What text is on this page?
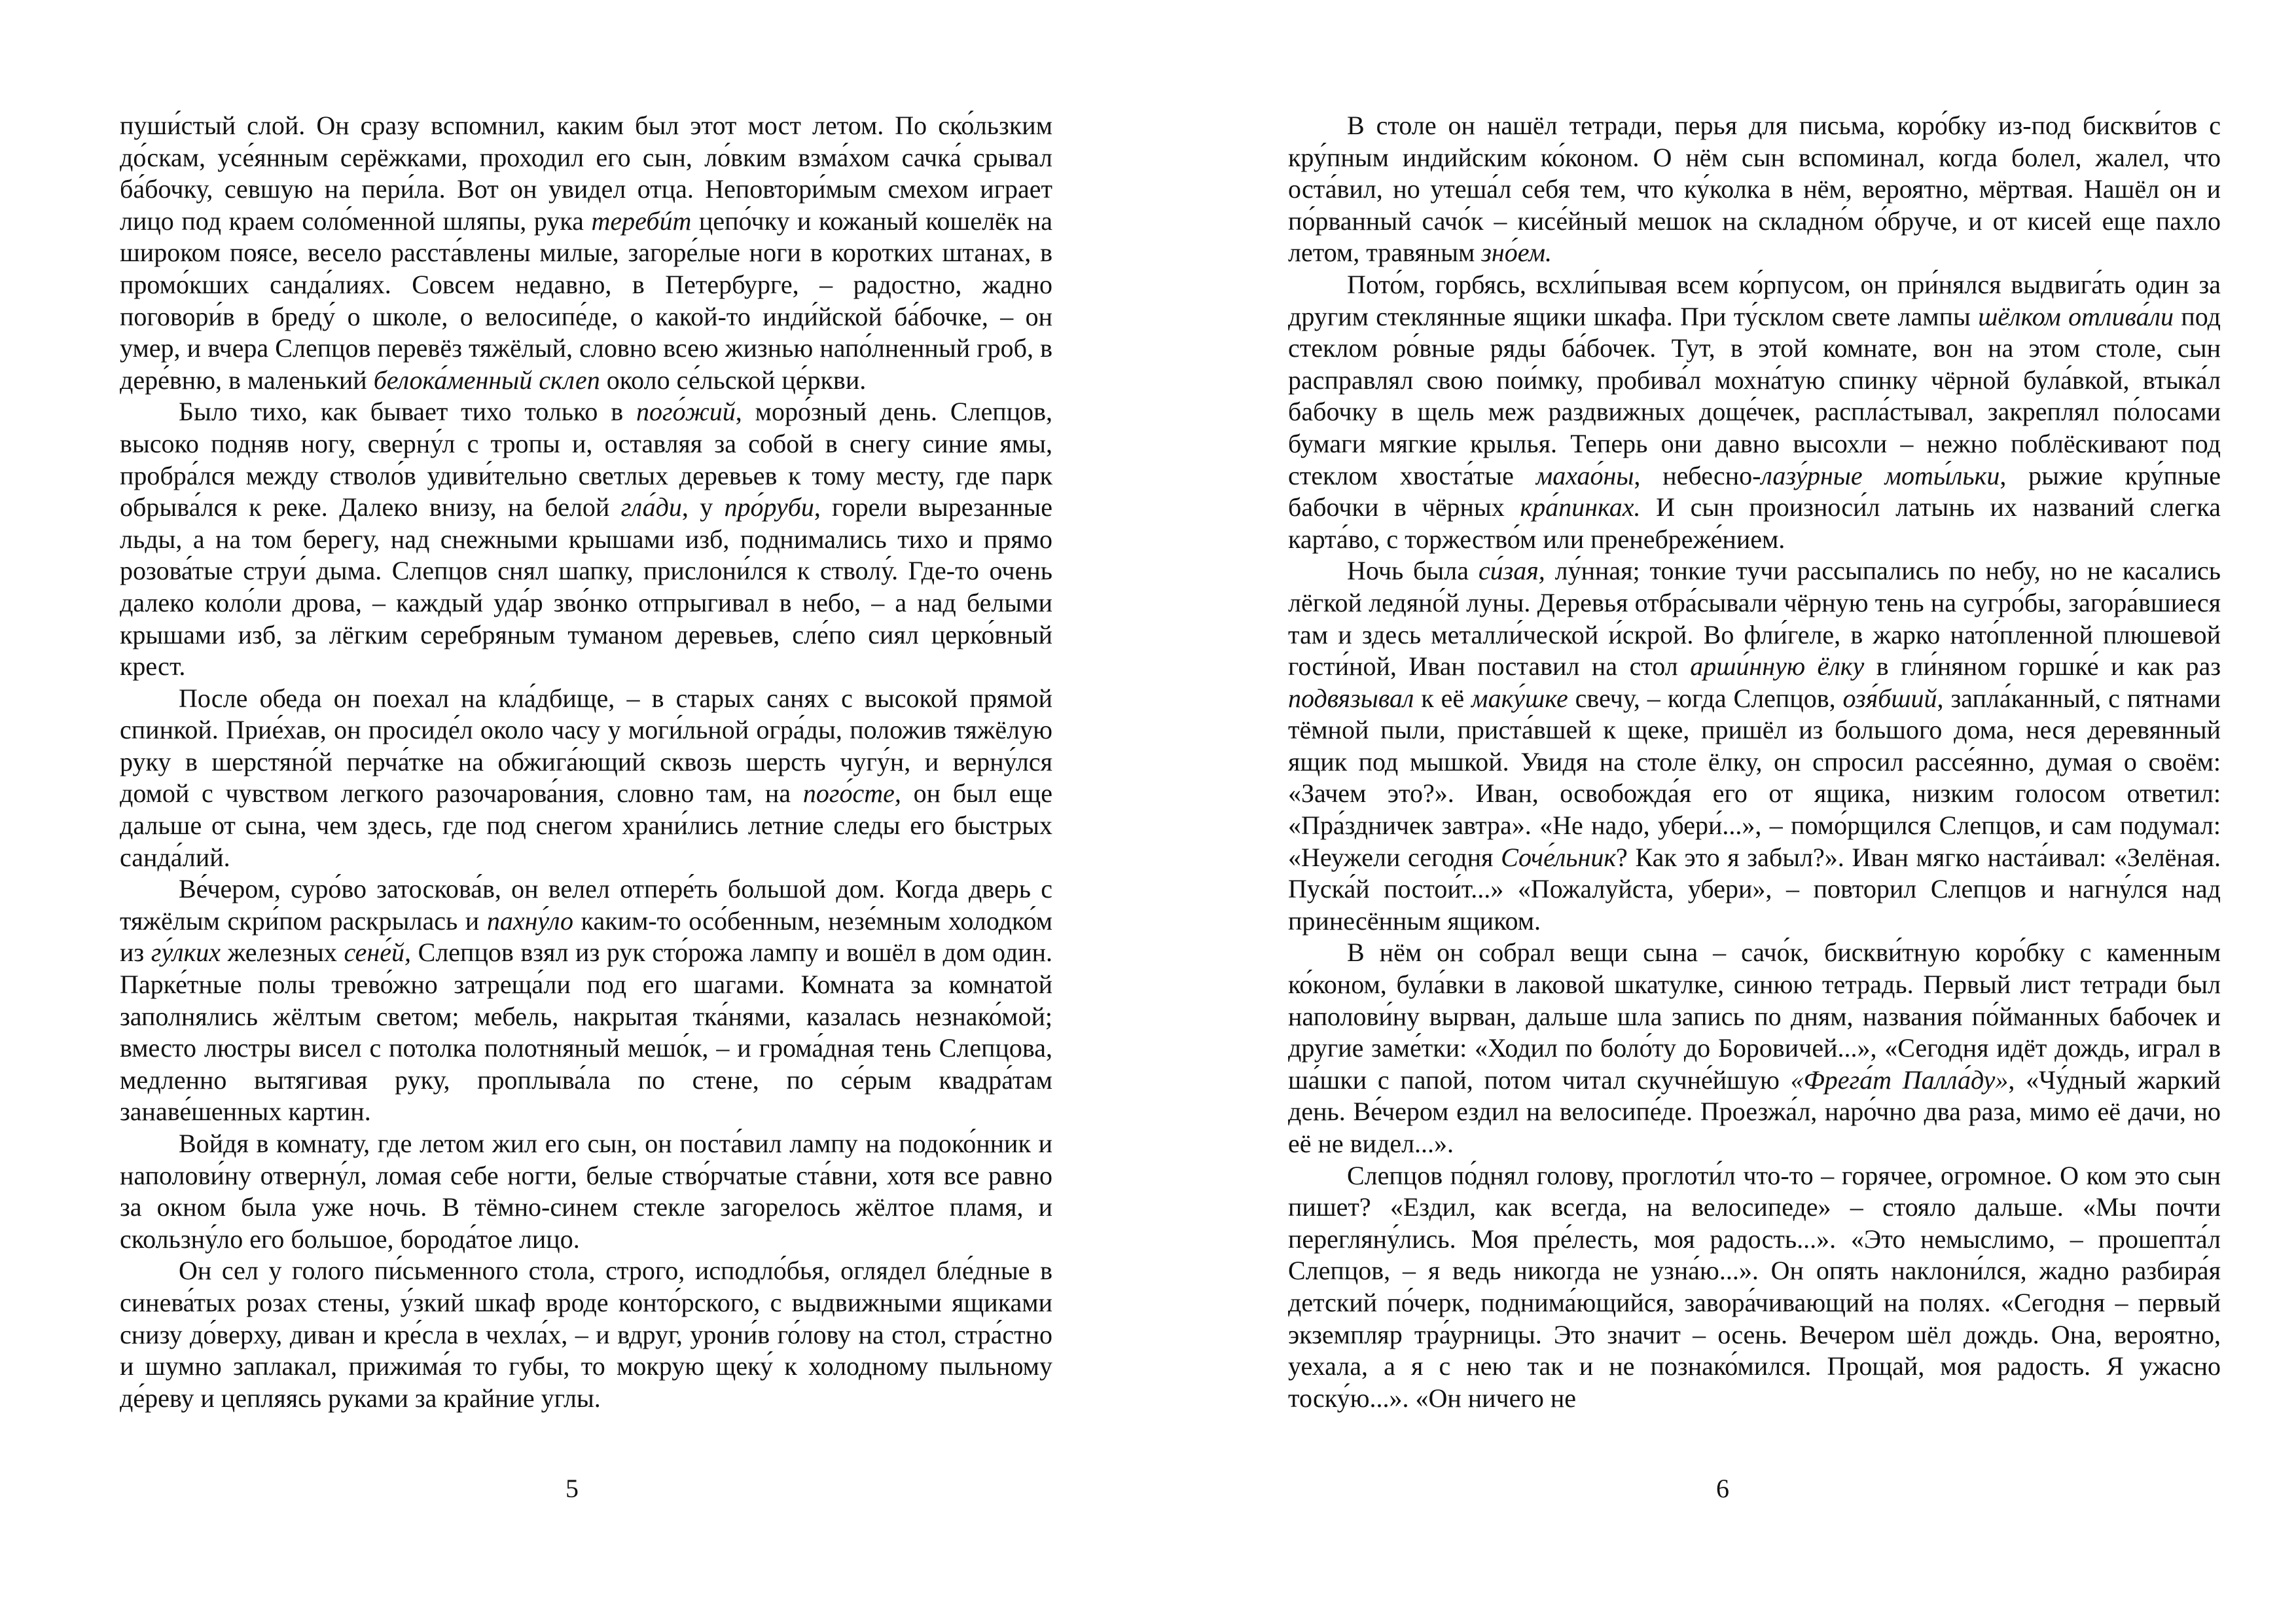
пуши́стый слой. Он сразу вспомнил, каким был этот мост летом. По ско́льзким до́скам, усе́янным серёжками, проходил его сын, ло́вким взма́хом сачка́ срывал ба́бочку, севшую на пери́ла. Вот он увидел отца. Неповтори́мым смехом играет лицо под краем соло́менной шляпы, рука теребúт цепо́чку и кожаный кошелёк на широком поясе, весело расста́влены милые, загоре́лые ноги в коротких штанах, в промо́кших санда́лиях. Совсем недавно, в Петербурге, – радостно, жадно поговори́в в бреду́ о школе, о велосипе́де, о какой-то инди́йской ба́бочке, – он умер, и вчера Слепцов перевёз тяжёлый, словно всею жизнью напо́лненный гроб, в дере́вню, в маленький белока́менный склеп около се́льской це́ркви.

Было тихо, как бывает тихо только в пого́жий, моро́зный день. Слепцов, высоко подняв ногу, сверну́л с тропы и, оставляя за собой в снегу синие ямы, пробра́лся между стволо́в удиви́тельно светлых деревьев к тому месту, где парк обрыва́лся к реке. Далеко внизу, на белой гла́ди, у про́руби, горели вырезанные льды, а на том берегу, над снежными крышами изб, поднимались тихо и прямо розова́тые струи́ дыма. Слепцов снял шапку, прислони́лся к стволу́. Где-то очень далеко коло́ли дрова, – каждый уда́р зво́нко отпрыгивал в небо, – а над белыми крышами изб, за лёгким серебряным туманом деревьев, сле́по сиял церко́вный крест.

После обеда он поехал на кла́дбище, – в старых санях с высокой прямой спинкой. Прие́хав, он просиде́л около часу у моги́льной огра́ды, положив тяжёлую руку в шерстяно́й перча́тке на обжига́ющий сквозь шерсть чугу́н, и верну́лся домой с чувством легкого разочарова́ния, словно там, на пого́сте, он был еще дальше от сына, чем здесь, где под снегом храни́лись летние следы его быстрых санда́лий.

Ве́чером, суро́во затоскова́в, он велел отпере́ть большой дом. Когда дверь с тяжёлым скри́пом раскрылась и пахну́ло каким-то осо́бенным, незе́мным холодко́м из гу́лких железных сене́й, Слепцов взял из рук сто́рожа лампу и вошёл в дом один. Парке́тные полы трево́жно затреща́ли под его шагами. Комната за комнатой заполнялись жёлтым светом; мебель, накрытая тка́нями, казалась незнако́мой; вместо люстры висел с потолка полотняный мешо́к, – и грома́дная тень Слепцова, медленно вытягивая руку, проплыва́ла по стене, по се́рым квадра́там занаве́шенных картин.

Войдя в комнату, где летом жил его сын, он поста́вил лампу на подоко́нник и наполови́ну отверну́л, ломая себе ногти, белые ство́рчатые ста́вни, хотя все равно за окном была уже ночь. В тёмно-синем стекле загорелось жёлтое пламя, и скользну́ло его большое, борода́тое лицо.

Он сел у голого пи́сьменного стола, строго, исподло́бья, оглядел бле́дные в синева́тых розах стены, у́зкий шкаф вроде конто́рского, с выдвижными ящиками снизу до́верху, диван и кре́сла в чехла́х, – и вдруг, урони́в го́лову на стол, стра́стно и шумно заплакал, прижима́я то губы, то мокрую щеку́ к холодному пыльному де́реву и цепляясь руками за крайние углы.

5

В столе он нашёл тетради, перья для письма, коро́бку из-под бискви́тов с кру́пным индийским ко́коном. О нём сын вспоминал, когда болел, жалел, что оста́вил, но утеша́л себя тем, что ку́колка в нём, вероятно, мёртвая. Нашёл он и по́рванный сачо́к – кисе́йный мешок на складно́м о́бруче, и от кисей еще пахло летом, травяным зно́ем.

Пото́м, горбясь, всхли́пывая всем ко́рпусом, он при́нялся выдвига́ть один за другим стеклянные ящики шкафа. При ту́склом свете лампы шёлком отлива́ли под стеклом ро́вные ряды ба́бочек. Тут, в этой комнате, вон на этом столе, сын расправлял свою пои́мку, пробива́л мохна́тую спинку чёрной була́вкой, втыка́л бабочку в щель меж раздвижных доще́чек, распла́стывал, закреплял по́лосами бумаги мягкие крылья. Теперь они давно высохли – нежно поблёскивают под стеклом хвоста́тые махао́ны, небесно-лазу́рные моты́льки, рыжие кру́пные бабочки в чёрных кра́пинках. И сын произноси́л латынь их названий слегка карта́во, с торжество́м или пренебреже́нием.

Ночь была си́зая, лу́нная; тонкие тучи рассыпались по небу, но не касались лёгкой ледяно́й луны. Деревья отбра́сывали чёрную тень на сугро́бы, загора́вшиеся там и здесь металли́ческой и́скрой. Во фли́геле, в жарко нато́пленной плюшевой гости́ной, Иван поставил на стол арши́нную ёлку в гли́няном горшке́ и как раз подвязывал к её маку́шке свечу, – когда Слепцов, озя́бший, запла́канный, с пятнами тёмной пыли, приста́вшей к щеке, пришёл из большого дома, неся деревянный ящик под мышкой. Увидя на столе ёлку, он спросил рассе́янно, думая о своём: «Зачем это?». Иван, освобожда́я его от ящика, низким голосом ответил: «Пра́здничек завтра». «Не надо, убери́...», – помо́рщился Слепцов, и сам подумал: «Неужели сегодня Соче́льник? Как это я забыл?». Иван мягко наста́ивал: «Зелёная. Пуска́й постои́т...» «Пожалуйста, убери», – повторил Слепцов и нагну́лся над принесённым ящиком.

В нём он собрал вещи сына – сачо́к, бискви́тную коро́бку с каменным ко́коном, була́вки в лаковой шкатулке, синюю тетрадь. Первый лист тетради был наполови́ну вырван, дальше шла запись по дням, названия по́йманных бабочек и другие заме́тки: «Ходил по боло́ту до Боровичей...», «Сегодня идёт дождь, играл в ша́шки с папой, потом читал скучне́йшую «Фрега́т Палла́ду», «Чу́дный жаркий день. Ве́чером ездил на велосипе́де. Проезжа́л, наро́чно два раза, мимо её дачи, но её не видел...».

Слепцов по́днял голову, проглоти́л что-то – горячее, огромное. О ком это сын пишет? «Ездил, как всегда, на велосипеде» – стояло дальше. «Мы почти перегляну́лись. Моя пре́лесть, моя радость...». «Это немыслимо, – прошепта́л Слепцов, – я ведь никогда не узна́ю...». Он опять наклони́лся, жадно разбира́я детский по́черк, поднима́ющийся, завора́чивающий на полях. «Сегодня – первый экземпляр тра́урницы. Это значит – осень. Вечером шёл дождь. Она, вероятно, уехала, а я с нею так и не познако́мился. Прощай, моя радость. Я ужасно тоску́ю...». «Он ничего не

6
